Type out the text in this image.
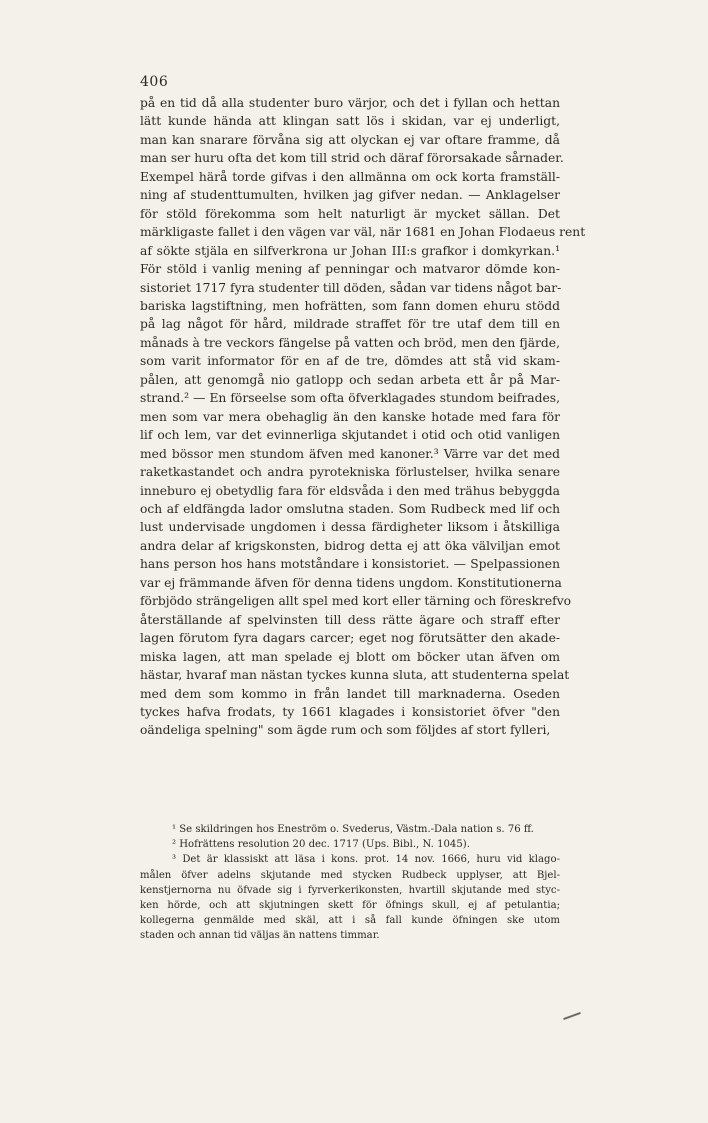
406
på en tid då alla studenter buro värjor, och det i fyllan och hettan
lätt kunde hända att klingan satt lös i skidan, var ej underligt,
man kan snarare förvåna sig att olyckan ej var oftare framme, då
man ser huru ofta det kom till strid och däraf förorsakade sårnader.
Exempel härå torde gifvas i den allmänna om ock korta framställ-
ning af studenttumulten, hvilken jag gifver nedan. — Anklagelser
för stöld förekomma som helt naturligt är mycket sällan. Det
märkligaste fallet i den vägen var väl, när 1681 en Johan Flodaeus rent
af sökte stjäla en silfverkrona ur Johan III:s grafkor i domkyrkan.¹
För stöld i vanlig mening af penningar och matvaror dömde kon-
sistoriet 1717 fyra studenter till döden, sådan var tidens något bar-
bariska lagstiftning, men hofrätten, som fann domen ehuru stödd
på lag något för hård, mildrade straffet för tre utaf dem till en
månads à tre veckors fängelse på vatten och bröd, men den fjärde,
som varit informator för en af de tre, dömdes att stå vid skam-
pålen, att genomgå nio gatlopp och sedan arbeta ett år på Mar-
strand.² — En förseelse som ofta öfverklagades stundom beifrades,
men som var mera obehaglig än den kanske hotade med fara för
lif och lem, var det evinnerliga skjutandet i otid och otid vanligen
med bössor men stundom äfven med kanoner.³ Värre var det med
raketkastandet och andra pyrotekniska förlustelser, hvilka senare
inneburo ej obetydlig fara för eldsvåda i den med trähus bebyggda
och af eldfängda lador omslutna staden. Som Rudbeck med lif och
lust undervisade ungdomen i dessa färdigheter liksom i åtskilliga
andra delar af krigskonsten, bidrog detta ej att öka välviljan emot
hans person hos hans motståndare i konsistoriet. — Spelpassionen
var ej främmande äfven för denna tidens ungdom. Konstitutionerna
förbjödo strängeligen allt spel med kort eller tärning och föreskrefvo
återställande af spelvinsten till dess rätte ägare och straff efter
lagen förutom fyra dagars carcer; eget nog förutsätter den akade-
miska lagen, att man spelade ej blott om böcker utan äfven om
hästar, hvaraf man nästan tyckes kunna sluta, att studenterna spelat
med dem som kommo in från landet till marknaderna. Oseden
tyckes hafva frodats, ty 1661 klagades i konsistoriet öfver "den
oändeliga spelning" som ägde rum och som följdes af stort fylleri,
¹ Se skildringen hos Eneström o. Svederus, Västm.-Dala nation s. 76 ff.
² Hofrättens resolution 20 dec. 1717 (Ups. Bibl., N. 1045).
³ Det är klassiskt att läsa i kons. prot. 14 nov. 1666, huru vid klago-
målen öfver adelns skjutande med stycken Rudbeck upplyser, att Bjel-
kenstjernorna nu öfvade sig i fyrverkerikonsten, hvartill skjutande med styc-
ken hörde, och att skjutningen skett för öfnings skull, ej af petulantia;
kollegerna genmälde med skäl, att i så fall kunde öfningen ske utom
staden och annan tid väljas än nattens timmar.
